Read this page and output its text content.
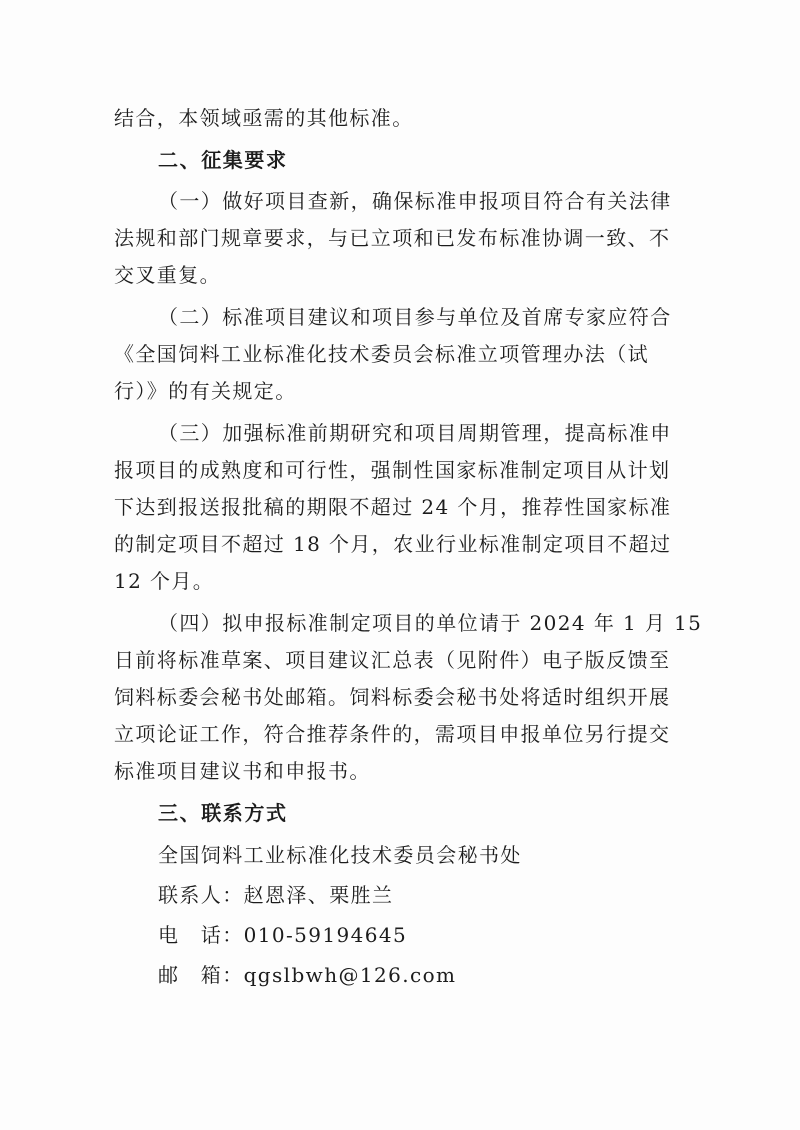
结合，本领域亟需的其他标准。
二、征集要求
（一）做好项目查新，确保标准申报项目符合有关法律
法规和部门规章要求，与已立项和已发布标准协调一致、不
交叉重复。
（二）标准项目建议和项目参与单位及首席专家应符合
《全国饲料工业标准化技术委员会标准立项管理办法（试
行）》的有关规定。
（三）加强标准前期研究和项目周期管理，提高标准申
报项目的成熟度和可行性，强制性国家标准制定项目从计划
下达到报送报批稿的期限不超过 24 个月，推荐性国家标准
的制定项目不超过 18 个月，农业行业标准制定项目不超过
12 个月。
（四）拟申报标准制定项目的单位请于 2024 年 1 月 15
日前将标准草案、项目建议汇总表（见附件）电子版反馈至
饲料标委会秘书处邮箱。饲料标委会秘书处将适时组织开展
立项论证工作，符合推荐条件的，需项目申报单位另行提交
标准项目建议书和申报书。
三、联系方式
全国饲料工业标准化技术委员会秘书处
联系人：赵恩泽、栗胜兰
电　话：010-59194645
邮　箱：qgslbwh@126.com
